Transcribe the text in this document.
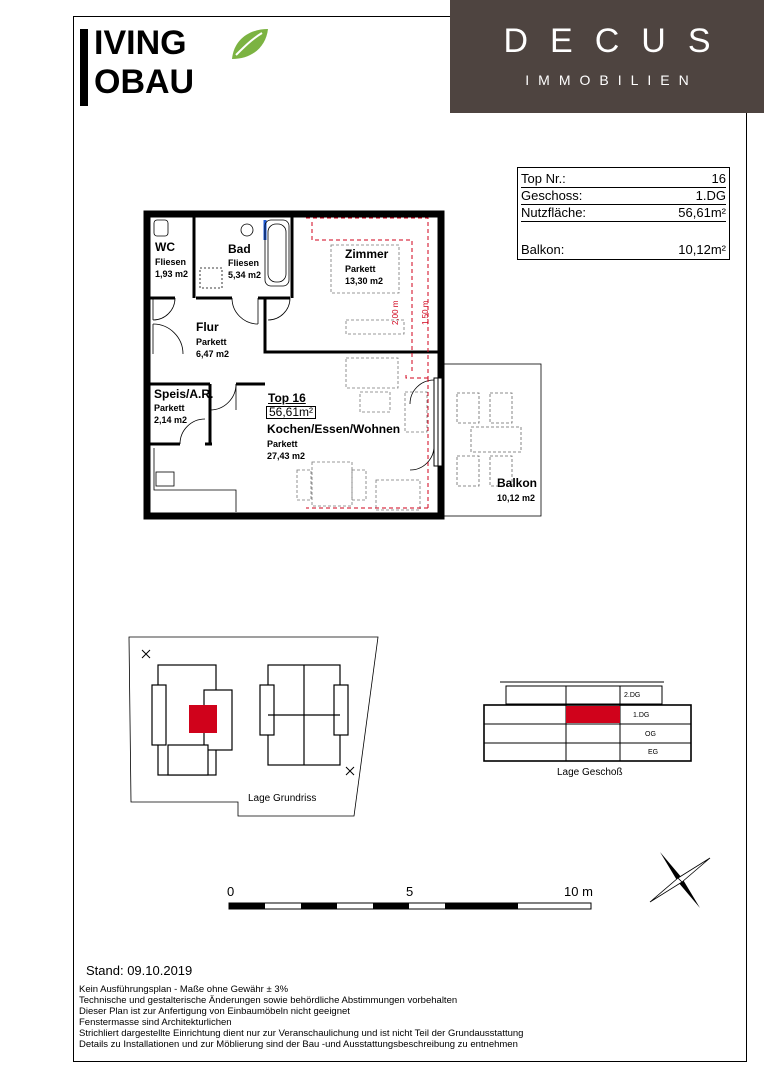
IVING
OBAU
DECUS
IMMOBILIEN
Top Nr.:	16
Geschoss:	1.DG
Nutzfläche:	56,61m²
Balkon:	10,12m²
WC
Fliesen
1,93 m2
Bad
Fliesen
5,34 m2
Zimmer
Parkett
13,30 m2
Flur
Parkett
6,47 m2
Speis/A.R.
Parkett
2,14 m2
Top 16
56,61m²
Kochen/Essen/Wohnen
Parkett
27,43 m2
Balkon
10,12 m2
2,00 m	1,50 m
Lage Grundriss
Lage Geschoß
2.DG
1.DG
OG
EG
0	5	10 m
Stand: 09.10.2019
Kein Ausführungsplan - Maße ohne Gewähr ± 3%
Technische und gestalterische Änderungen sowie behördliche Abstimmungen vorbehalten
Dieser Plan ist zur Anfertigung von Einbaumöbeln nicht geeignet
Fenstermasse sind Architekturlichen
Strichliert dargestellte Einrichtung dient nur zur Veranschaulichung und ist nicht Teil der Grundausstattung
Details zu Installationen und zur Möblierung sind der Bau -und Ausstattungsbeschreibung zu entnehmen
